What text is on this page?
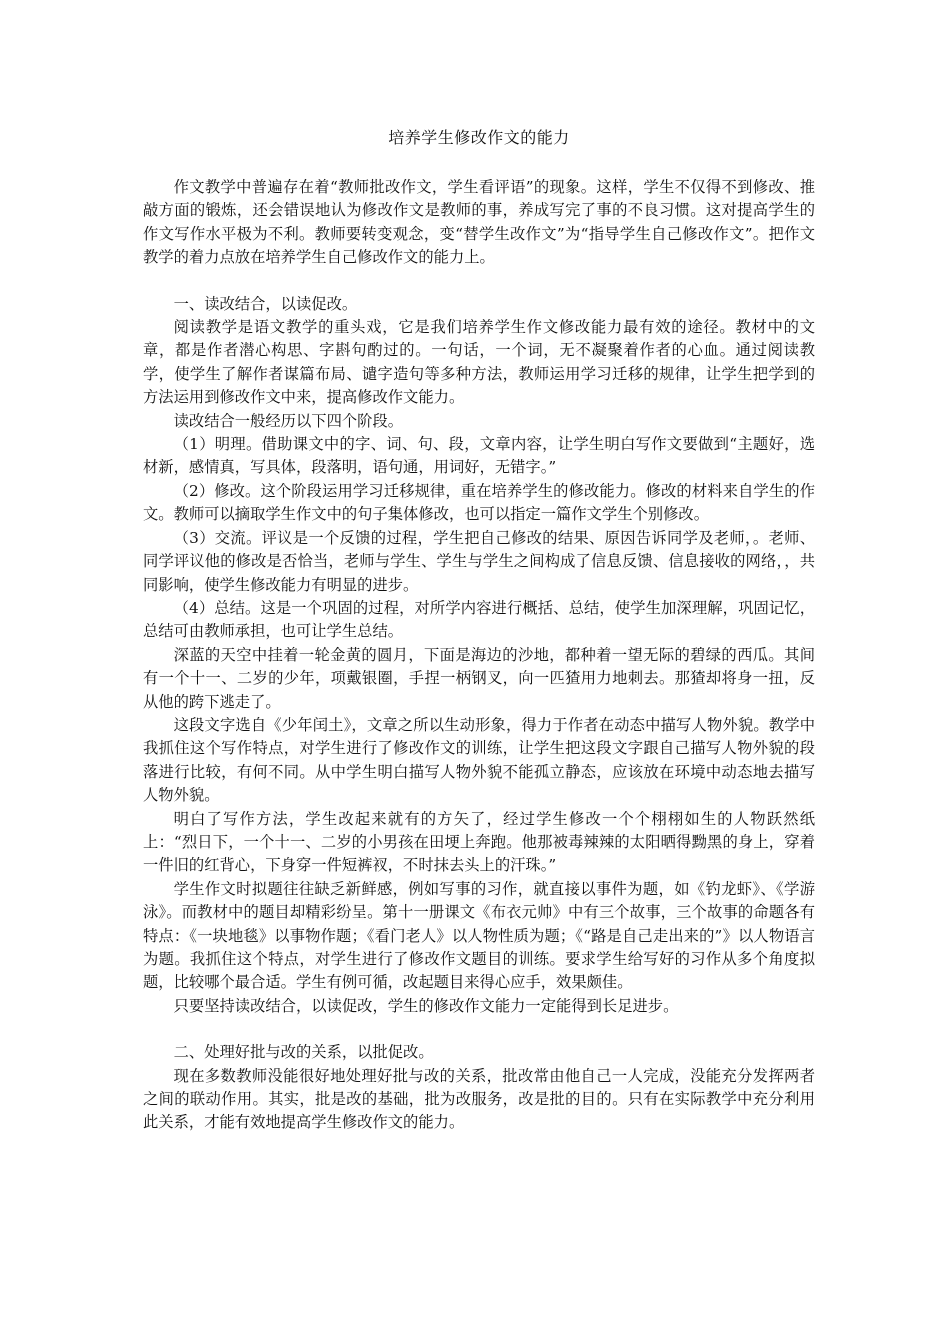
培养学生修改作文的能力

作文教学中普遍存在着“教师批改作文，学生看评语”的现象。这样，学生不仅得不到修改、推敲方面的锻炼，还会错误地认为修改作文是教师的事，养成写完了事的不良习惯。这对提高学生的作文写作水平极为不利。教师要转变观念，变“替学生改作文”为“指导学生自己修改作文”。把作文教学的着力点放在培养学生自己修改作文的能力上。

一、读改结合，以读促改。

阅读教学是语文教学的重头戏，它是我们培养学生作文修改能力最有效的途径。教材中的文章，都是作者潜心构思、字斟句酌过的。一句话，一个词，无不凝聚着作者的心血。通过阅读教学，使学生了解作者谋篇布局、谴字造句等多种方法，教师运用学习迁移的规律，让学生把学到的方法运用到修改作文中来，提高修改作文能力。

读改结合一般经历以下四个阶段。

（1）明理。借助课文中的字、词、句、段，文章内容，让学生明白写作文要做到“主题好，选材新，感情真，写具体，段落明，语句通，用词好，无错字。”

（2）修改。这个阶段运用学习迁移规律，重在培养学生的修改能力。修改的材料来自学生的作文。教师可以摘取学生作文中的句子集体修改，也可以指定一篇作文学生个别修改。

（3）交流。评议是一个反馈的过程，学生把自己修改的结果、原因告诉同学及老师，。老师、同学评议他的修改是否恰当，老师与学生、学生与学生之间构成了信息反馈、信息接收的网络，，共同影响，使学生修改能力有明显的进步。

（4）总结。这是一个巩固的过程，对所学内容进行概括、总结，使学生加深理解，巩固记忆，总结可由教师承担，也可让学生总结。

深蓝的天空中挂着一轮金黄的圆月，下面是海边的沙地，都种着一望无际的碧绿的西瓜。其间有一个十一、二岁的少年，项戴银圈，手捏一柄钢叉，向一匹猹用力地刺去。那猹却将身一扭，反从他的跨下逃走了。

这段文字选自《少年闰土》，文章之所以生动形象，得力于作者在动态中描写人物外貌。教学中我抓住这个写作特点，对学生进行了修改作文的训练，让学生把这段文字跟自己描写人物外貌的段落进行比较，有何不同。从中学生明白描写人物外貌不能孤立静态，应该放在环境中动态地去描写人物外貌。

明白了写作方法，学生改起来就有的方矢了，经过学生修改一个个栩栩如生的人物跃然纸上：“烈日下，一个十一、二岁的小男孩在田埂上奔跑。他那被毒辣辣的太阳晒得黝黑的身上，穿着一件旧的红背心，下身穿一件短裤衩，不时抹去头上的汗珠。”

学生作文时拟题往往缺乏新鲜感，例如写事的习作，就直接以事件为题，如《钓龙虾》、《学游泳》。而教材中的题目却精彩纷呈。第十一册课文《布衣元帅》中有三个故事，三个故事的命题各有特点：《一块地毯》以事物作题；《看门老人》以人物性质为题；《“路是自己走出来的”》以人物语言为题。我抓住这个特点，对学生进行了修改作文题目的训练。要求学生给写好的习作从多个角度拟题，比较哪个最合适。学生有例可循，改起题目来得心应手，效果颇佳。

只要坚持读改结合，以读促改，学生的修改作文能力一定能得到长足进步。

二、处理好批与改的关系，以批促改。

现在多数教师没能很好地处理好批与改的关系，批改常由他自己一人完成，没能充分发挥两者之间的联动作用。其实，批是改的基础，批为改服务，改是批的目的。只有在实际教学中充分利用此关系，才能有效地提高学生修改作文的能力。
